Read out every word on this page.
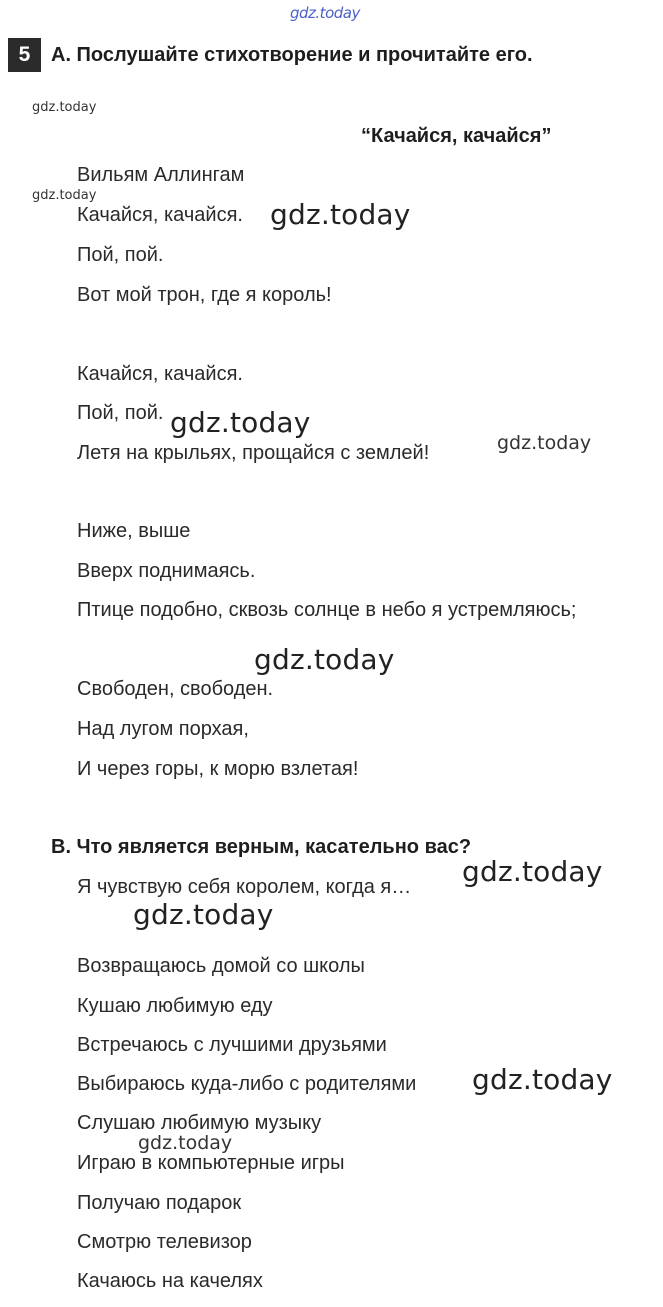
gdz.today
5	A. Послушайте стихотворение и прочитайте его.
gdz.today
“Качайся, качайся”
Вильям Аллингам
gdz.today
Качайся, качайся. gdz.today
Пой, пой.
Вот мой трон, где я король!
Качайся, качайся.
Пой, пой. gdz.today
Летя на крыльях, прощайся с землей!	gdz.today
Ниже, выше
Вверх поднимаясь.
Птице подобно, сквозь солнце в небо я устремляюсь;
gdz.today
Свободен, свободен.
Над лугом порхая,
И через горы, к морю взлетая!
B. Что является верным, касательно вас?
Я чувствую себя королем, когда я… gdz.today
gdz.today
Возвращаюсь домой со школы
Кушаю любимую еду
Встречаюсь с лучшими друзьями
Выбираюсь куда-либо с родителями gdz.today
Слушаю любимую музыку
gdz.today
Играю в компьютерные игры
Получаю подарок
Смотрю телевизор
Качаюсь на качелях
